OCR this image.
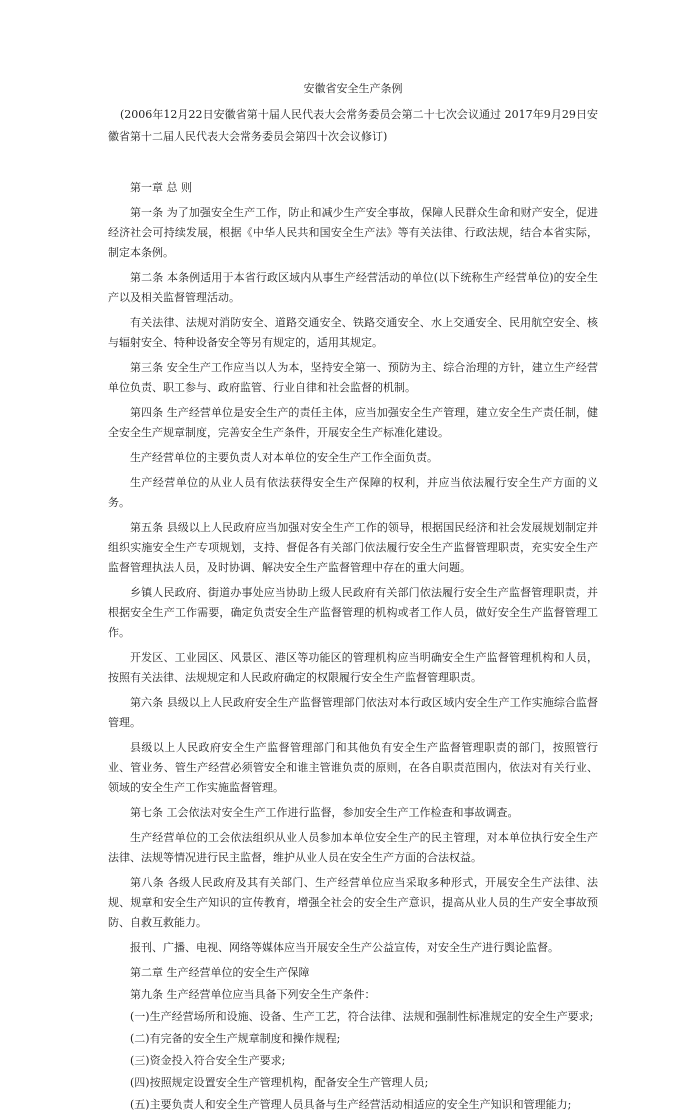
安徽省安全生产条例
(2006年12月22日安徽省第十届人民代表大会常务委员会第二十七次会议通过 2017年9月29日安徽省第十二届人民代表大会常务委员会第四十次会议修订)

第一章 总 则

第一条 为了加强安全生产工作，防止和减少生产安全事故，保障人民群众生命和财产安全，促进经济社会可持续发展，根据《中华人民共和国安全生产法》等有关法律、行政法规，结合本省实际，制定本条例。

第二条 本条例适用于本省行政区域内从事生产经营活动的单位(以下统称生产经营单位)的安全生产以及相关监督管理活动。

有关法律、法规对消防安全、道路交通安全、铁路交通安全、水上交通安全、民用航空安全、核与辐射安全、特种设备安全等另有规定的，适用其规定。

第三条 安全生产工作应当以人为本，坚持安全第一、预防为主、综合治理的方针，建立生产经营单位负责、职工参与、政府监管、行业自律和社会监督的机制。

第四条 生产经营单位是安全生产的责任主体，应当加强安全生产管理，建立安全生产责任制，健全安全生产规章制度，完善安全生产条件，开展安全生产标准化建设。

生产经营单位的主要负责人对本单位的安全生产工作全面负责。

生产经营单位的从业人员有依法获得安全生产保障的权利，并应当依法履行安全生产方面的义务。

第五条 县级以上人民政府应当加强对安全生产工作的领导，根据国民经济和社会发展规划制定并组织实施安全生产专项规划，支持、督促各有关部门依法履行安全生产监督管理职责，充实安全生产监督管理执法人员，及时协调、解决安全生产监督管理中存在的重大问题。

乡镇人民政府、街道办事处应当协助上级人民政府有关部门依法履行安全生产监督管理职责，并根据安全生产工作需要，确定负责安全生产监督管理的机构或者工作人员，做好安全生产监督管理工作。

开发区、工业园区、风景区、港区等功能区的管理机构应当明确安全生产监督管理机构和人员，按照有关法律、法规规定和人民政府确定的权限履行安全生产监督管理职责。

第六条 县级以上人民政府安全生产监督管理部门依法对本行政区域内安全生产工作实施综合监督管理。

县级以上人民政府安全生产监督管理部门和其他负有安全生产监督管理职责的部门，按照管行业、管业务、管生产经营必须管安全和谁主管谁负责的原则，在各自职责范围内，依法对有关行业、领域的安全生产工作实施监督管理。

第七条 工会依法对安全生产工作进行监督，参加安全生产工作检查和事故调查。

生产经营单位的工会依法组织从业人员参加本单位安全生产的民主管理，对本单位执行安全生产法律、法规等情况进行民主监督，维护从业人员在安全生产方面的合法权益。

第八条 各级人民政府及其有关部门、生产经营单位应当采取多种形式，开展安全生产法律、法规、规章和安全生产知识的宣传教育，增强全社会的安全生产意识，提高从业人员的生产安全事故预防、自救互救能力。

报刊、广播、电视、网络等媒体应当开展安全生产公益宣传，对安全生产进行舆论监督。

第二章 生产经营单位的安全生产保障

第九条 生产经营单位应当具备下列安全生产条件：

(一)生产经营场所和设施、设备、生产工艺，符合法律、法规和强制性标准规定的安全生产要求;

(二)有完备的安全生产规章制度和操作规程;

(三)资金投入符合安全生产要求;

(四)按照规定设置安全生产管理机构，配备安全生产管理人员;

(五)主要负责人和安全生产管理人员具备与生产经营活动相适应的安全生产知识和管理能力;
